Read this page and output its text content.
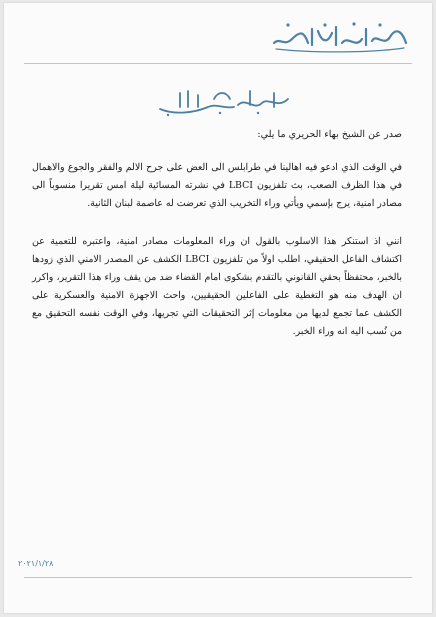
صدر عن الشيخ بهاء الحريري ما يلي:

في الوقت الذي ادعو فيه اهالينا في طرابلس الى العض على جرح الالم والفقر والجوع والاهمال في هذا الظرف الصعب، بث تلفزيون LBCI في نشرته المسائية ليلة امس تقريرا منسوباً الى مصادر امنية، يرج بإسمي ويأتي وراء التخريب الذي تعرضت له عاصمة لبنان الثانية.

انني اذ استنكر هذا الاسلوب بالقول ان وراء المعلومات مصادر امنية، واعتبره للتعمية عن اكتشاف الفاعل الحقيقي، اطلب اولاً من تلفزيون LBCI الكشف عن المصدر الامني الذي زودها بالخبر، محتفظاً بحقي القانوني بالتقدم بشكوى امام القضاء ضد من يقف وراء هذا التقرير، واكرر ان الهدف منه هو التغطية على الفاعلين الحقيقيين، واحث الاجهزة الامنية والعسكرية على الكشف عما تجمع لديها من معلومات إثر التحقيقات التي تجريها، وفي الوقت نفسه التحقيق مع من نُسب اليه انه وراء الخبر.

٢٠٢١/١/٢٨
